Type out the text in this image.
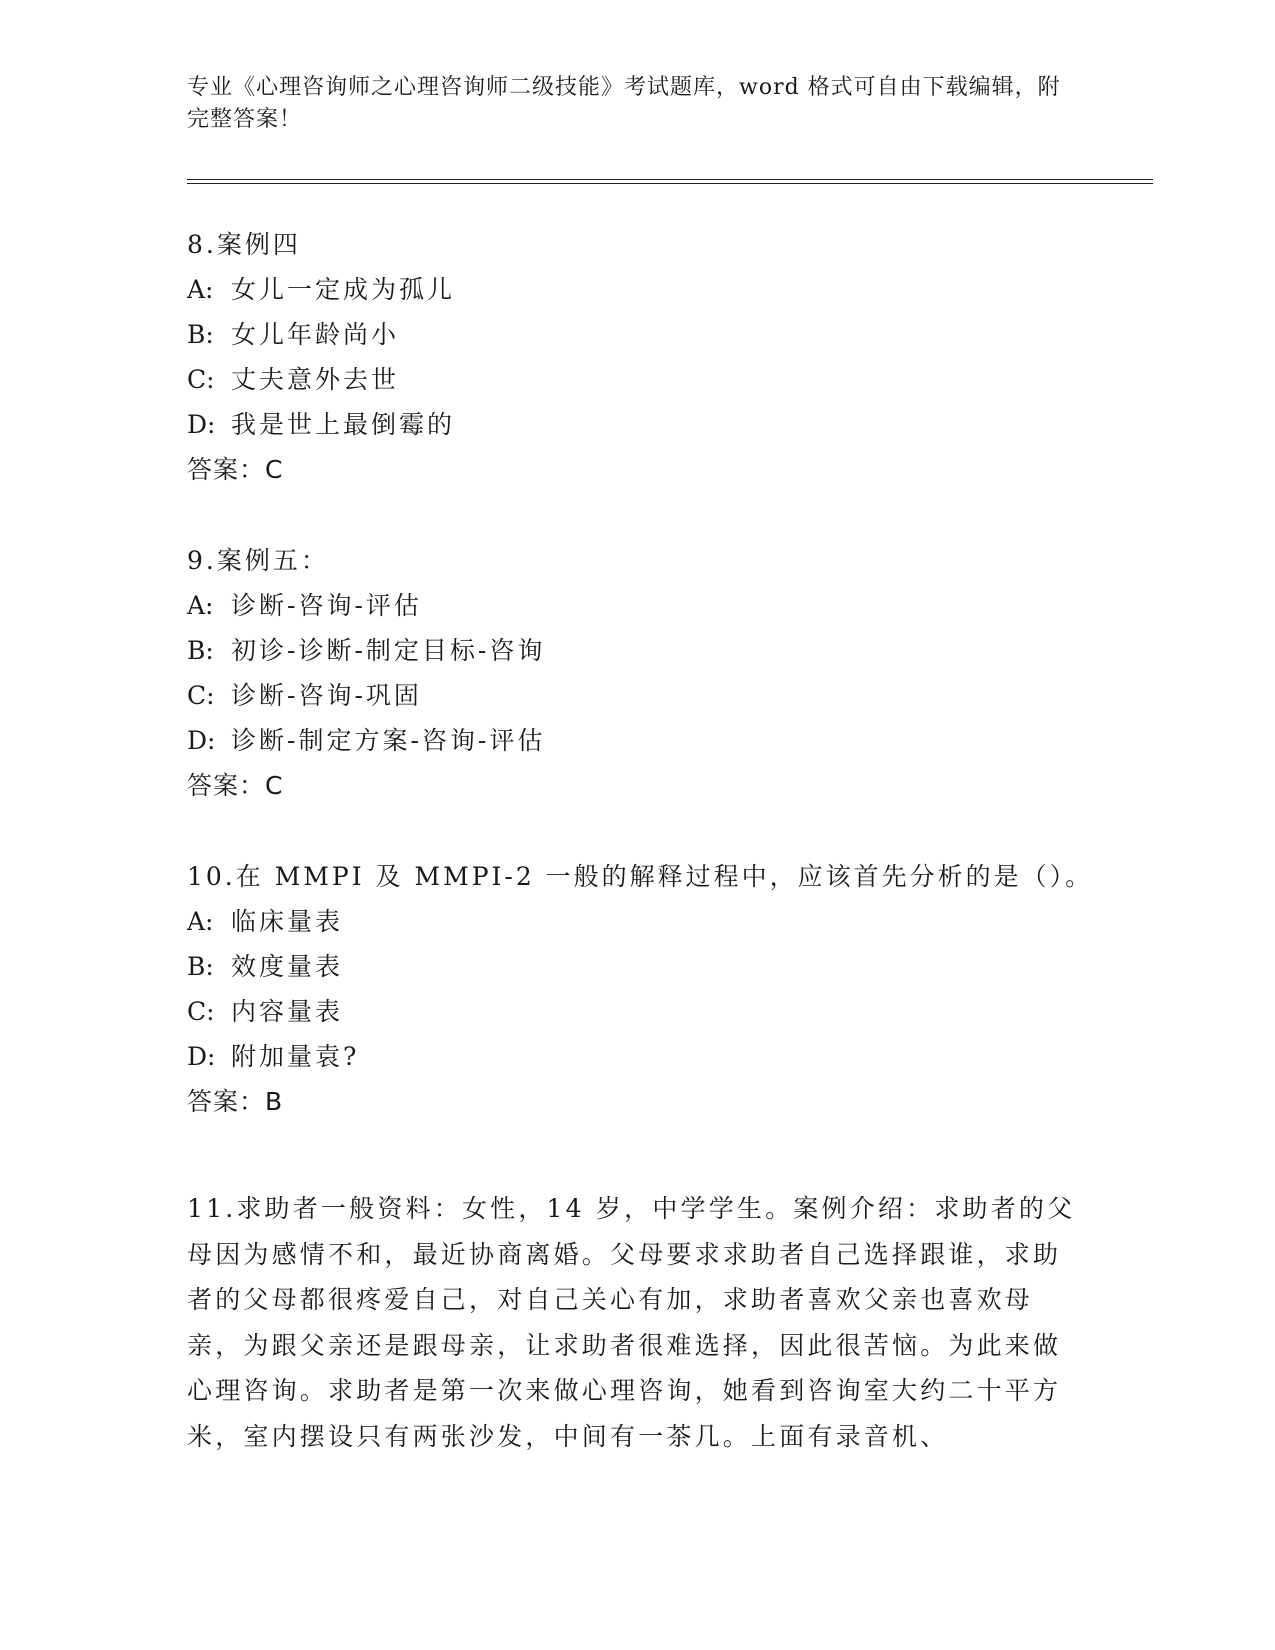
专业《心理咨询师之心理咨询师二级技能》考试题库，word 格式可自由下载编辑，附完整答案！
8.案例四
A: 女儿一定成为孤儿
B: 女儿年龄尚小
C: 丈夫意外去世
D: 我是世上最倒霉的
答案：C
9.案例五：
A: 诊断-咨询-评估
B: 初诊-诊断-制定目标-咨询
C: 诊断-咨询-巩固
D: 诊断-制定方案-咨询-评估
答案：C
10.在 MMPI 及 MMPI-2 一般的解释过程中，应该首先分析的是（）。
A: 临床量表
B: 效度量表
C: 内容量表
D: 附加量袁?
答案：B
11.求助者一般资料：女性，14 岁，中学学生。案例介绍：求助者的父母因为感情不和，最近协商离婚。父母要求求助者自己选择跟谁，求助者的父母都很疼爱自己，对自己关心有加，求助者喜欢父亲也喜欢母亲，为跟父亲还是跟母亲，让求助者很难选择，因此很苦恼。为此来做心理咨询。求助者是第一次来做心理咨询，她看到咨询室大约二十平方米，室内摆设只有两张沙发，中间有一茶几。上面有录音机、
